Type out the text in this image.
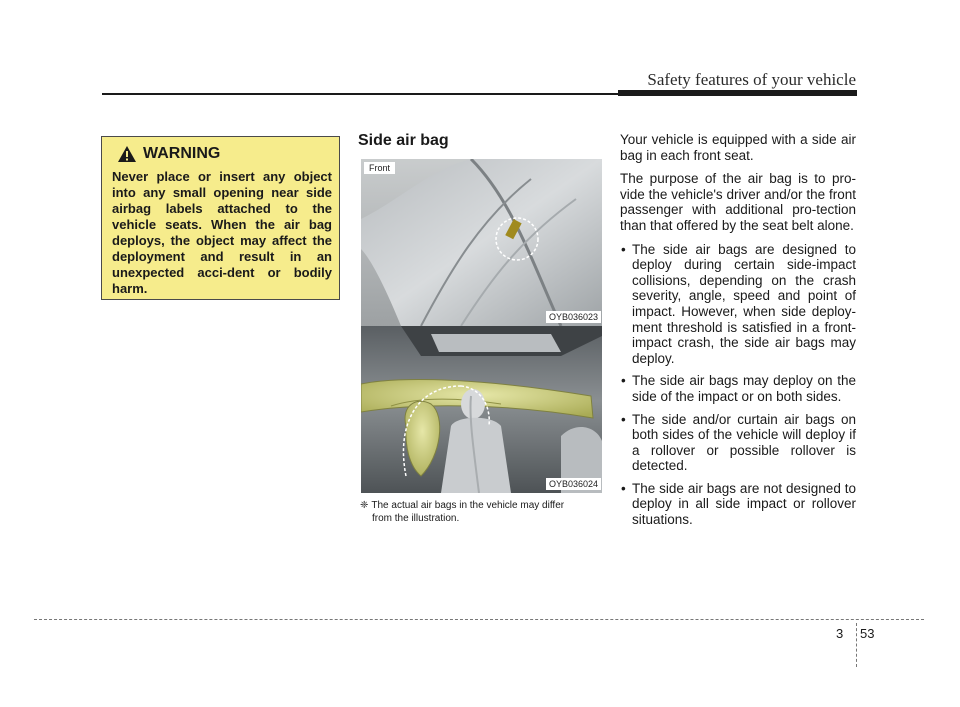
Safety features of your vehicle
WARNING

Never place or insert any object into any small opening near side airbag labels attached to the vehicle seats. When the air bag deploys, the object may affect the deployment and result in an unexpected acci-dent or bodily harm.

Side air bag
Front
OYB036023
OYB036024

❈ The actual air bags in the vehicle may differ
from the illustration.

Your vehicle is equipped with a side air bag in each front seat.

The purpose of the air bag is to pro-vide the vehicle's driver and/or the front passenger with additional pro-tection than that offered by the seat belt alone.

• The side air bags are designed to deploy during certain side-impact collisions, depending on the crash severity, angle, speed and point of impact. However, when side deploy-ment threshold is satisfied in a front-impact crash, the side air bags may deploy.
• The side air bags may deploy on the side of the impact or on both sides.
• The side and/or curtain air bags on both sides of the vehicle will deploy if a rollover or possible rollover is detected.
• The side air bags are not designed to deploy in all side impact or rollover situations.
3 53
